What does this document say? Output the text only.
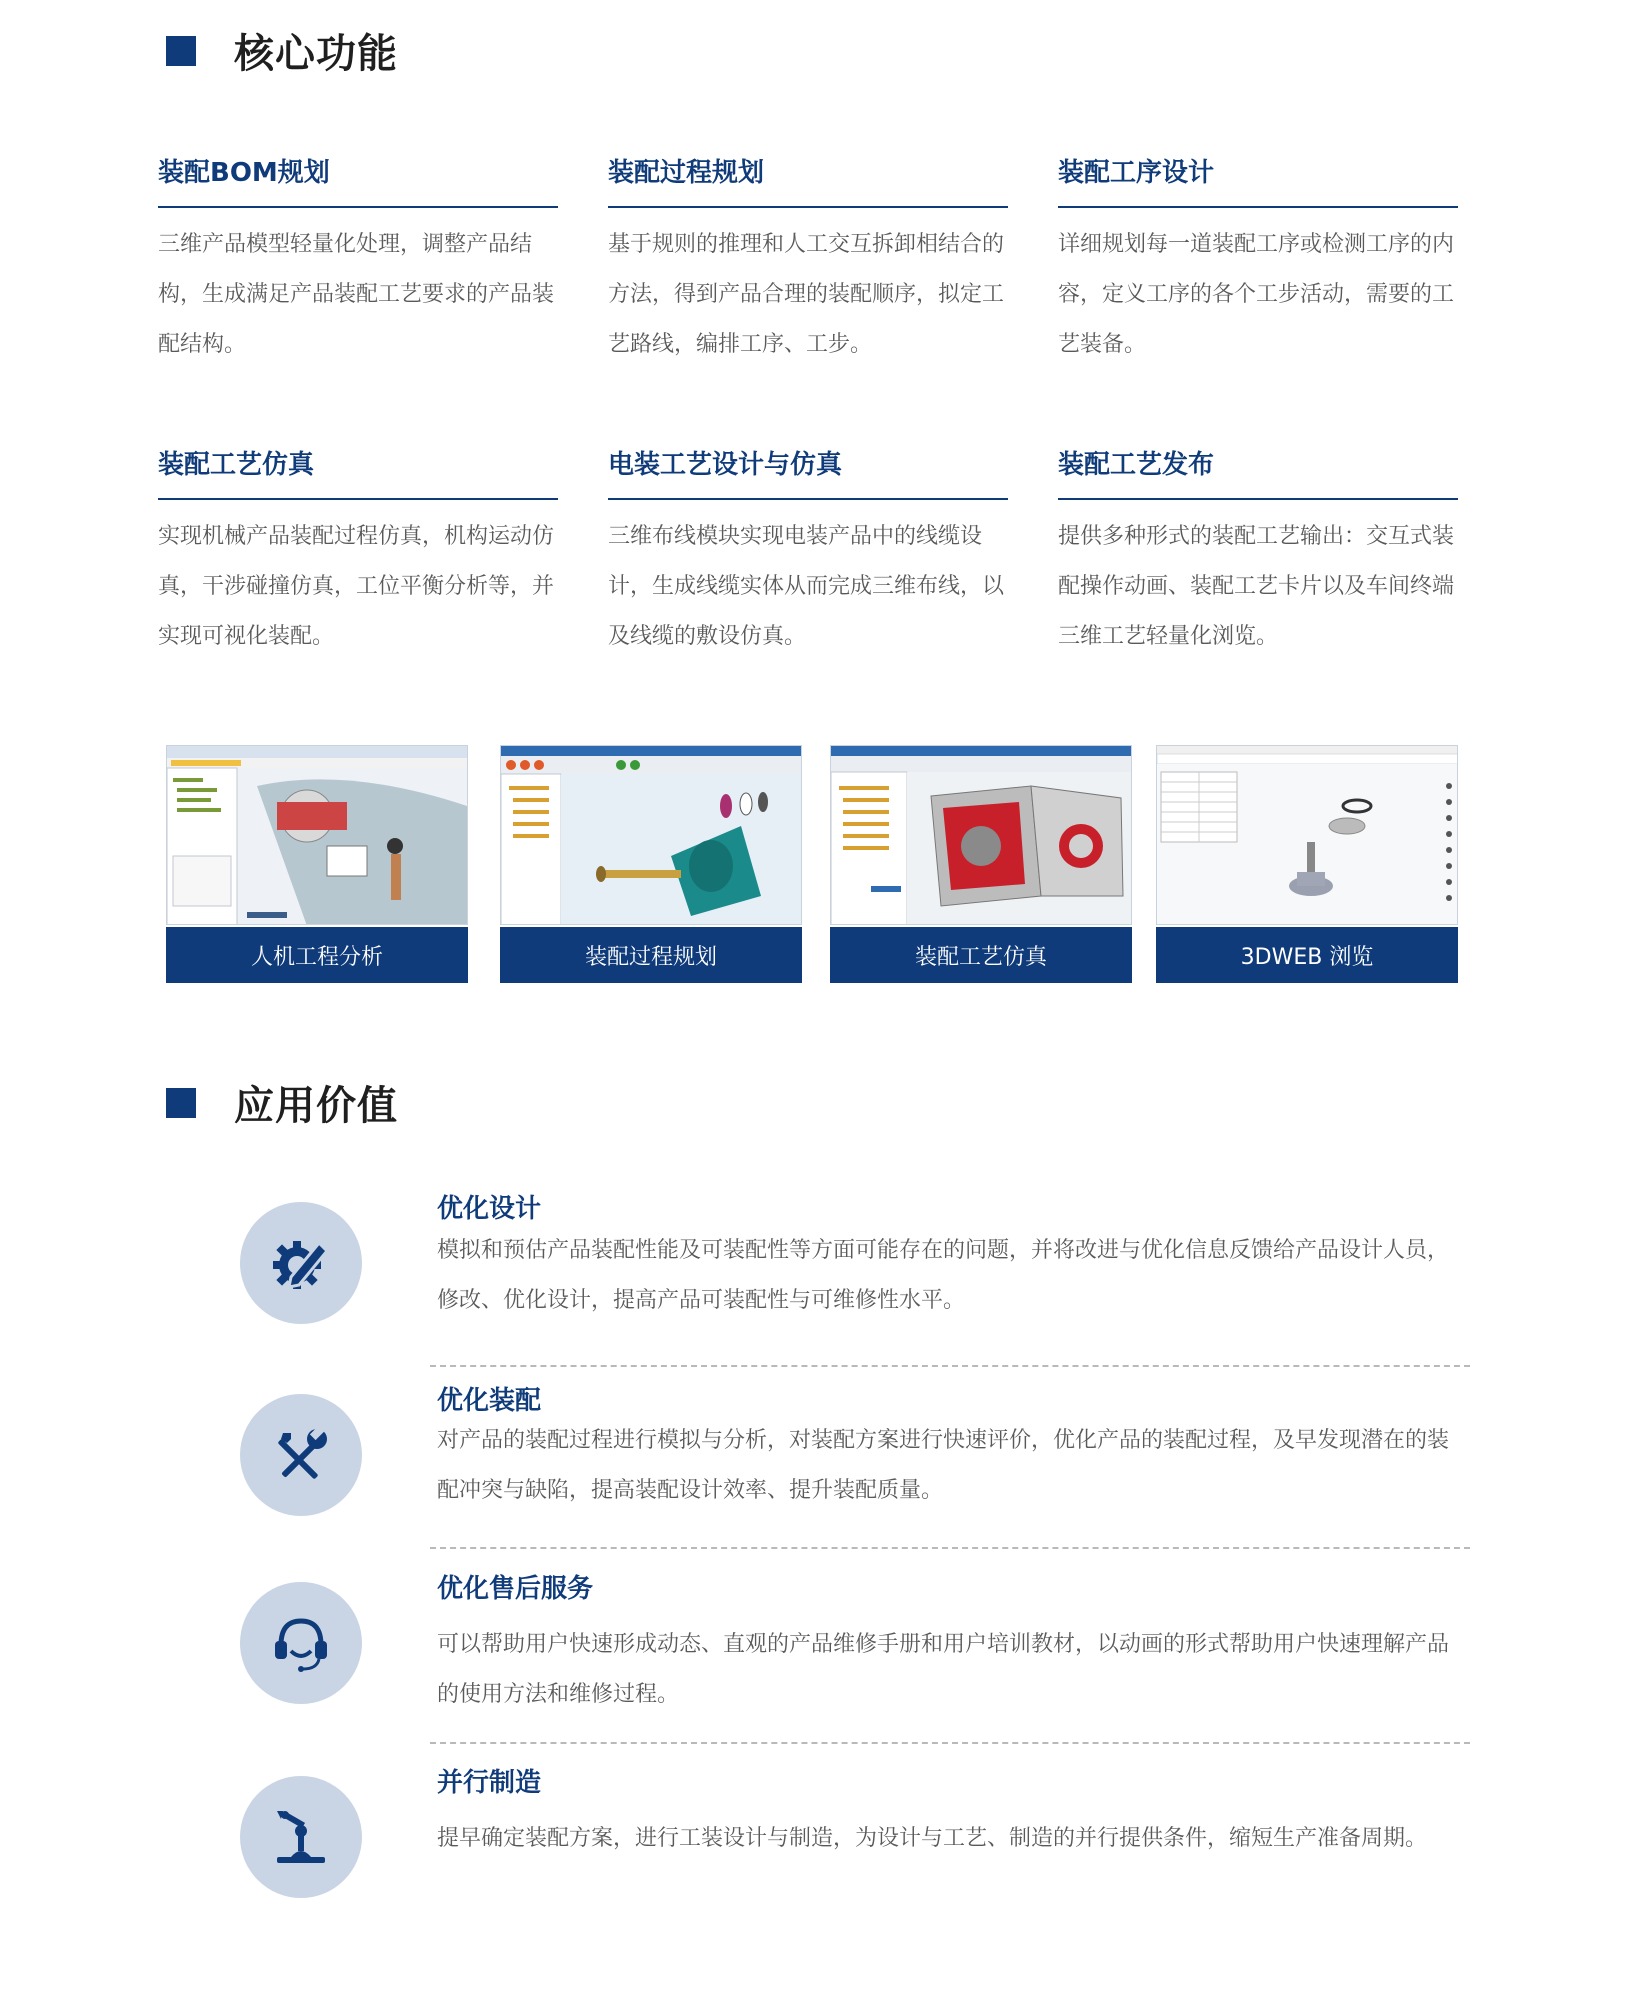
核心功能
装配BOM规划
三维产品模型轻量化处理，调整产品结构，生成满足产品装配工艺要求的产品装配结构。
装配过程规划
基于规则的推理和人工交互拆卸相结合的方法，得到产品合理的装配顺序，拟定工艺路线，编排工序、工步。
装配工序设计
详细规划每一道装配工序或检测工序的内容，定义工序的各个工步活动，需要的工艺装备。
装配工艺仿真
实现机械产品装配过程仿真，机构运动仿真，干涉碰撞仿真，工位平衡分析等，并实现可视化装配。
电装工艺设计与仿真
三维布线模块实现电装产品中的线缆设计，生成线缆实体从而完成三维布线，以及线缆的敷设仿真。
装配工艺发布
提供多种形式的装配工艺输出：交互式装配操作动画、装配工艺卡片以及车间终端三维工艺轻量化浏览。
人机工程分析	装配过程规划	装配工艺仿真	3DWEB 浏览
应用价值
优化设计
模拟和预估产品装配性能及可装配性等方面可能存在的问题，并将改进与优化信息反馈给产品设计人员，修改、优化设计，提高产品可装配性与可维修性水平。
优化装配
对产品的装配过程进行模拟与分析，对装配方案进行快速评价，优化产品的装配过程，及早发现潜在的装配冲突与缺陷，提高装配设计效率、提升装配质量。
优化售后服务
可以帮助用户快速形成动态、直观的产品维修手册和用户培训教材，以动画的形式帮助用户快速理解产品的使用方法和维修过程。
并行制造
提早确定装配方案，进行工装设计与制造，为设计与工艺、制造的并行提供条件，缩短生产准备周期。
